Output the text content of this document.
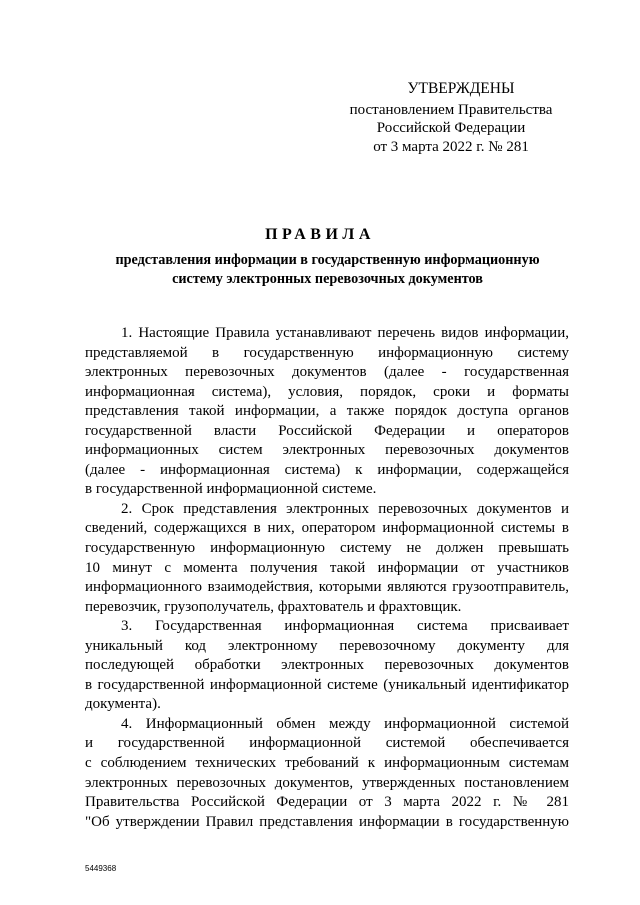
УТВЕРЖДЕНЫ
постановлением Правительства
Российской Федерации
от 3 марта 2022 г. № 281
ПРАВИЛА
представления информации в государственную информационную
систему электронных перевозочных документов
1. Настоящие Правила устанавливают перечень видов информации,
представляемой в государственную информационную систему
электронных перевозочных документов (далее - государственная
информационная система), условия, порядок, сроки и форматы
представления такой информации, а также порядок доступа органов
государственной власти Российской Федерации и операторов
информационных систем электронных перевозочных документов
(далее - информационная система) к информации, содержащейся
в государственной информационной системе.
2. Срок представления электронных перевозочных документов и
сведений, содержащихся в них, оператором информационной системы в
государственную информационную систему не должен превышать
10 минут с момента получения такой информации от участников
информационного взаимодействия, которыми являются грузоотправитель,
перевозчик, грузополучатель, фрахтователь и фрахтовщик.
3. Государственная информационная система присваивает
уникальный код электронному перевозочному документу для
последующей обработки электронных перевозочных документов
в государственной информационной системе (уникальный идентификатор
документа).
4. Информационный обмен между информационной системой
и государственной информационной системой обеспечивается
с соблюдением технических требований к информационным системам
электронных перевозочных документов, утвержденных постановлением
Правительства Российской Федерации от 3 марта 2022 г. № 281
"Об утверждении Правил представления информации в государственную
5449368
